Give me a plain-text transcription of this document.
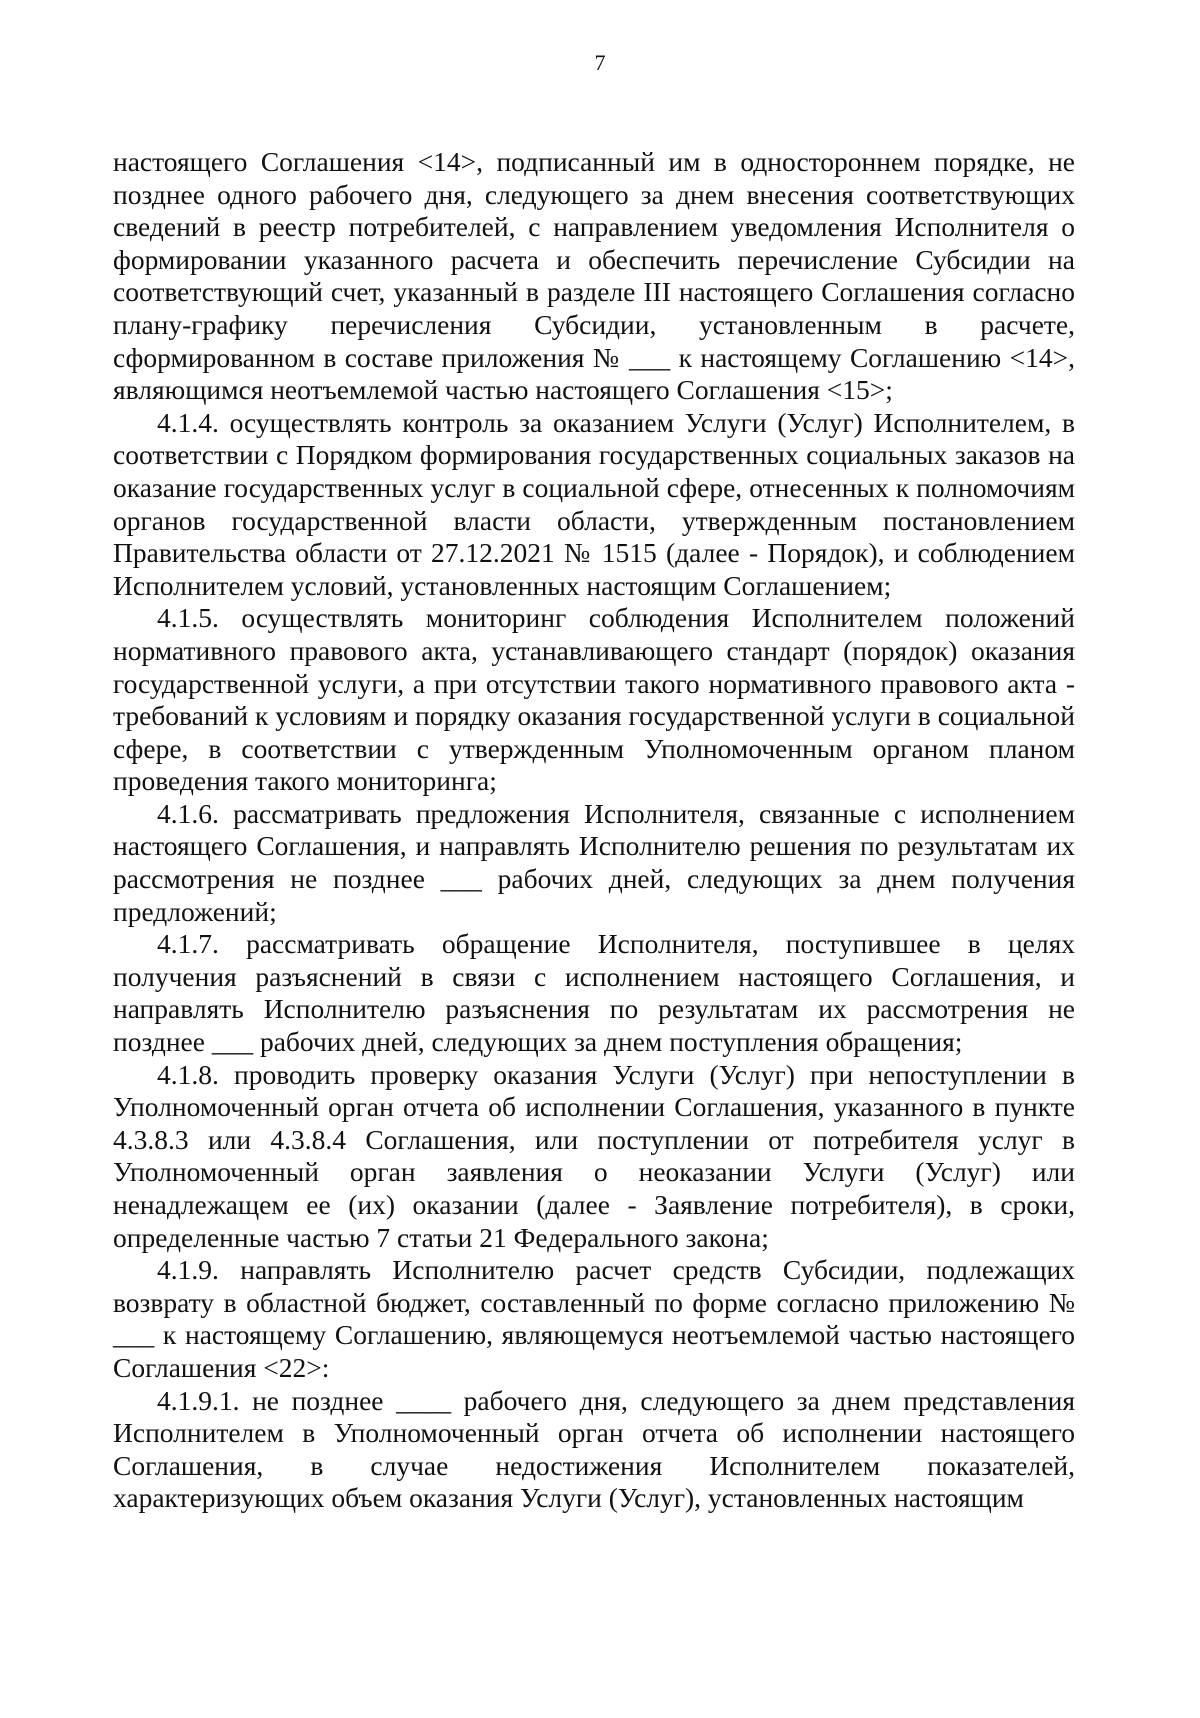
7

настоящего Соглашения <14>, подписанный им в одностороннем порядке, не позднее одного рабочего дня, следующего за днем внесения соответствующих сведений в реестр потребителей, с направлением уведомления Исполнителя о формировании указанного расчета и обеспечить перечисление Субсидии на соответствующий счет, указанный в разделе III настоящего Соглашения согласно плану-графику перечисления Субсидии, установленным в расчете, сформированном в составе приложения № ___ к настоящему Соглашению <14>, являющимся неотъемлемой частью настоящего Соглашения <15>;

4.1.4. осуществлять контроль за оказанием Услуги (Услуг) Исполнителем, в соответствии с Порядком формирования государственных социальных заказов на оказание государственных услуг в социальной сфере, отнесенных к полномочиям органов государственной власти области, утвержденным постановлением Правительства области от 27.12.2021 № 1515 (далее - Порядок), и соблюдением Исполнителем условий, установленных настоящим Соглашением;

4.1.5. осуществлять мониторинг соблюдения Исполнителем положений нормативного правового акта, устанавливающего стандарт (порядок) оказания государственной услуги, а при отсутствии такого нормативного правового акта - требований к условиям и порядку оказания государственной услуги в социальной сфере, в соответствии с утвержденным Уполномоченным органом планом проведения такого мониторинга;

4.1.6. рассматривать предложения Исполнителя, связанные с исполнением настоящего Соглашения, и направлять Исполнителю решения по результатам их рассмотрения не позднее ___ рабочих дней, следующих за днем получения предложений;

4.1.7. рассматривать обращение Исполнителя, поступившее в целях получения разъяснений в связи с исполнением настоящего Соглашения, и направлять Исполнителю разъяснения по результатам их рассмотрения не позднее ___ рабочих дней, следующих за днем поступления обращения;

4.1.8. проводить проверку оказания Услуги (Услуг) при непоступлении в Уполномоченный орган отчета об исполнении Соглашения, указанного в пункте 4.3.8.3 или 4.3.8.4 Соглашения, или поступлении от потребителя услуг в Уполномоченный орган заявления о неоказании Услуги (Услуг) или ненадлежащем ее (их) оказании (далее - Заявление потребителя), в сроки, определенные частью 7 статьи 21 Федерального закона;

4.1.9. направлять Исполнителю расчет средств Субсидии, подлежащих возврату в областной бюджет, составленный по форме согласно приложению № ___ к настоящему Соглашению, являющемуся неотъемлемой частью настоящего Соглашения <22>:

4.1.9.1. не позднее ____ рабочего дня, следующего за днем представления Исполнителем в Уполномоченный орган отчета об исполнении настоящего Соглашения, в случае недостижения Исполнителем показателей, характеризующих объем оказания Услуги (Услуг), установленных настоящим
